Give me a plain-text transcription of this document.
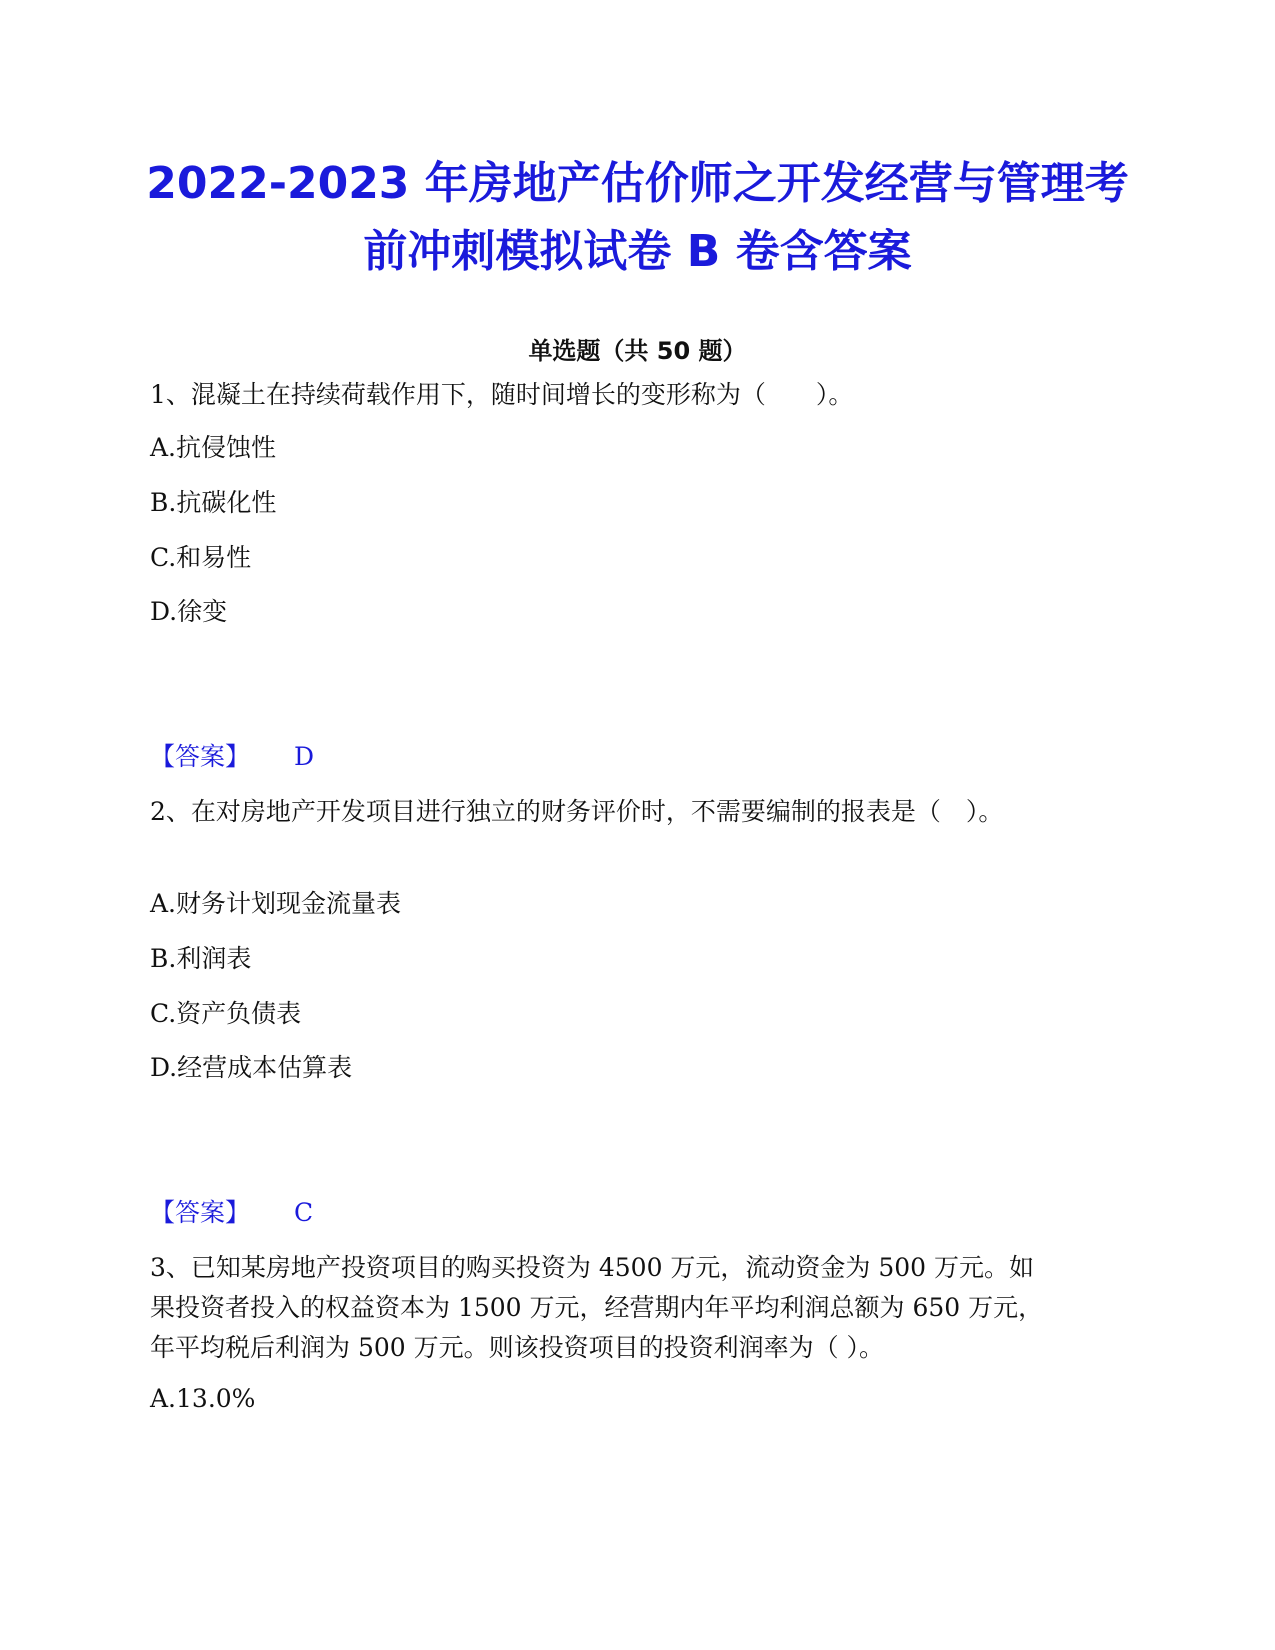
2022-2023 年房地产估价师之开发经营与管理考前冲刺模拟试卷 B 卷含答案
单选题（共 50 题）
1、混凝土在持续荷载作用下，随时间增长的变形称为（　　）。
A.抗侵蚀性
B.抗碳化性
C.和易性
D.徐变
【答案】 D
2、在对房地产开发项目进行独立的财务评价时，不需要编制的报表是（　）。
A.财务计划现金流量表
B.利润表
C.资产负债表
D.经营成本估算表
【答案】 C
3、已知某房地产投资项目的购买投资为 4500 万元，流动资金为 500 万元。如果投资者投入的权益资本为 1500 万元，经营期内年平均利润总额为 650 万元，年平均税后利润为 500 万元。则该投资项目的投资利润率为（ ）。
A.13.0%
